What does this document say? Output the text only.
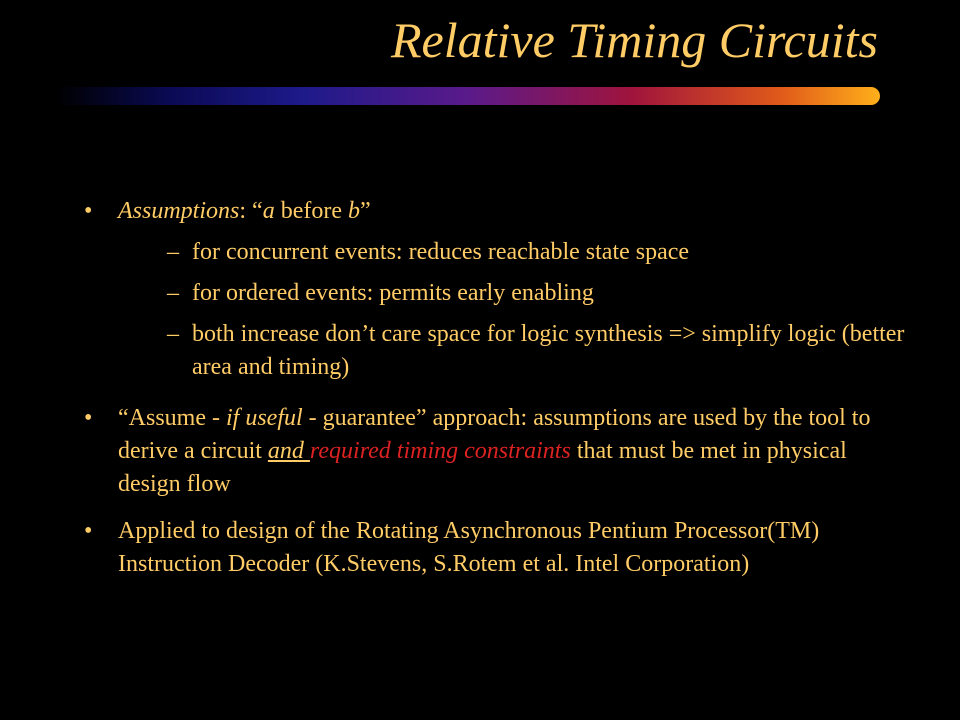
Relative Timing Circuits
• Assumptions: “a before b”
– for concurrent events: reduces reachable state space
– for ordered events: permits early enabling
– both increase don’t care space for logic synthesis => simplify logic (better area and timing)
• “Assume - if useful - guarantee” approach: assumptions are used by the tool to derive a circuit and required timing constraints that must be met in physical design flow
• Applied to design of the Rotating Asynchronous Pentium Processor(TM) Instruction Decoder (K.Stevens, S.Rotem et al. Intel Corporation)
